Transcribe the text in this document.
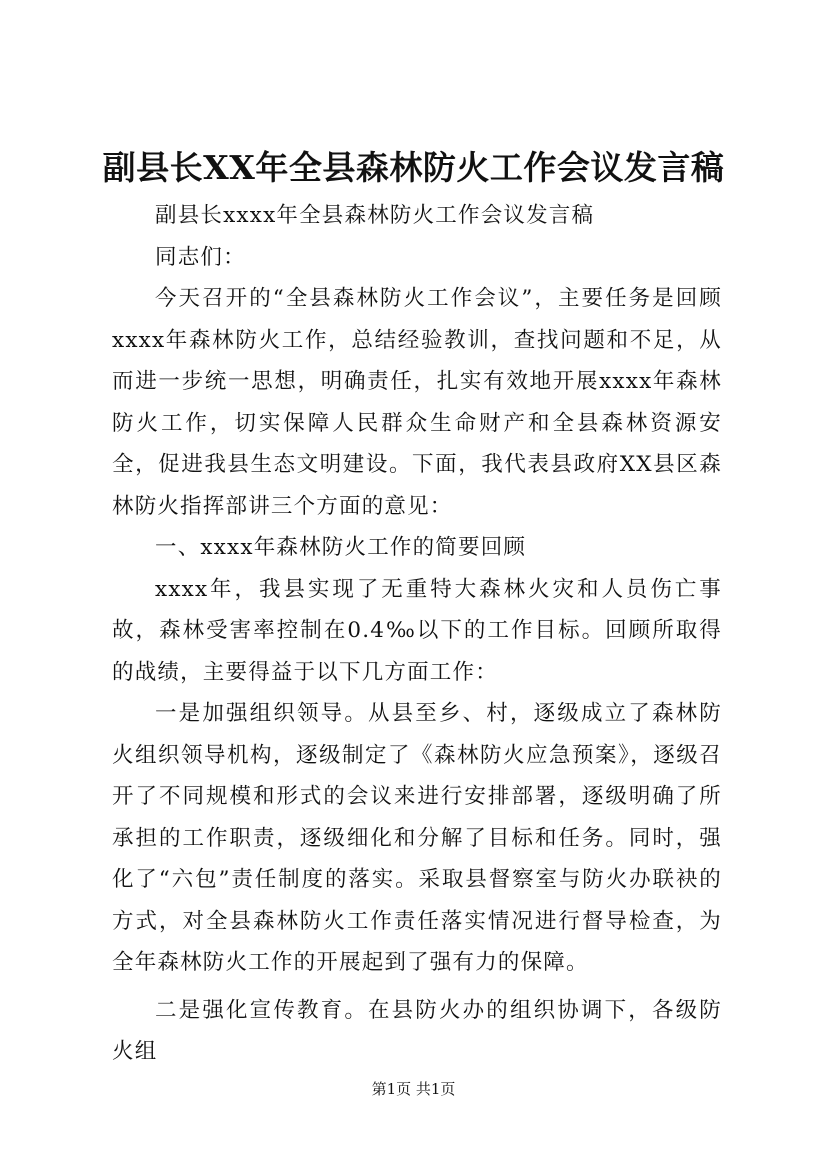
副县长XX年全县森林防火工作会议发言稿

副县长xxxx年全县森林防火工作会议发言稿

同志们：

今天召开的“全县森林防火工作会议”，主要任务是回顾xxxx年森林防火工作，总结经验教训，查找问题和不足，从而进一步统一思想，明确责任，扎实有效地开展xxxx年森林防火工作，切实保障人民群众生命财产和全县森林资源安全，促进我县生态文明建设。下面，我代表县政府XX县区森林防火指挥部讲三个方面的意见：

一、xxxx年森林防火工作的简要回顾

xxxx年，我县实现了无重特大森林火灾和人员伤亡事故，森林受害率控制在0.4‰以下的工作目标。回顾所取得的战绩，主要得益于以下几方面工作：

一是加强组织领导。从县至乡、村，逐级成立了森林防火组织领导机构，逐级制定了《森林防火应急预案》，逐级召开了不同规模和形式的会议来进行安排部署，逐级明确了所承担的工作职责，逐级细化和分解了目标和任务。同时，强化了“六包”责任制度的落实。采取县督察室与防火办联袂的方式，对全县森林防火工作责任落实情况进行督导检查，为全年森林防火工作的开展起到了强有力的保障。

二是强化宣传教育。在县防火办的组织协调下，各级防火组

第1页 共1页
